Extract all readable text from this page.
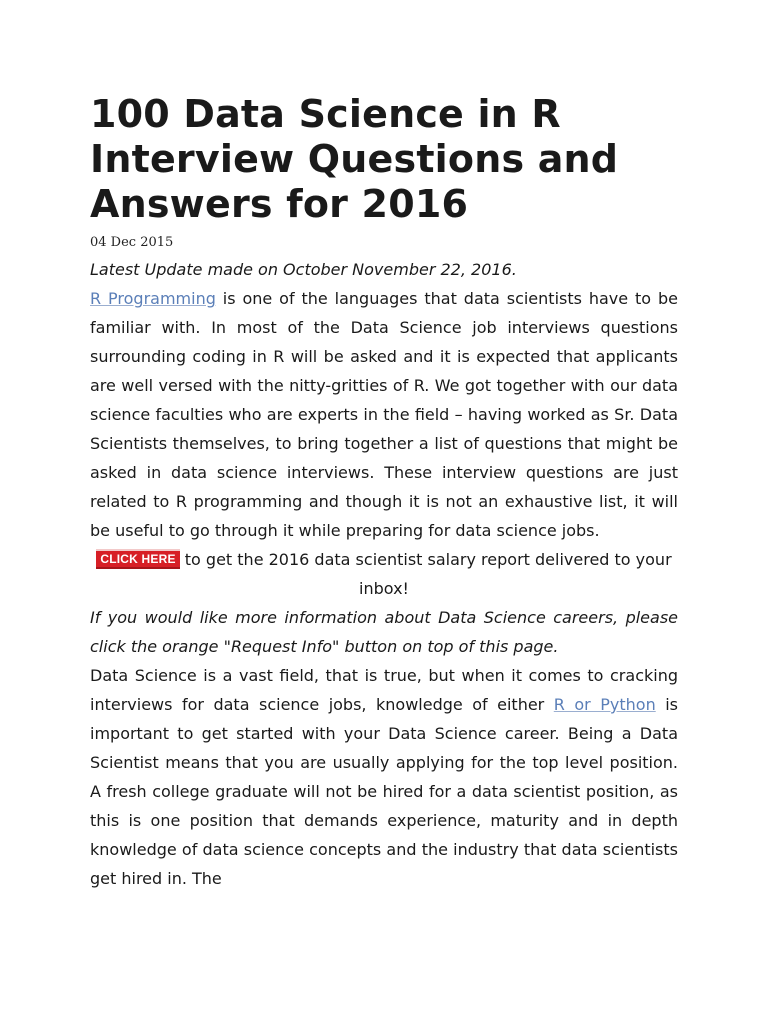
100 Data Science in R Interview Questions and Answers for 2016
04 Dec 2015

Latest Update made on October November 22, 2016.

R Programming is one of the languages that data scientists have to be familiar with. In most of the Data Science job interviews questions surrounding coding in R will be asked and it is expected that applicants are well versed with the nitty-gritties of R. We got together with our data science faculties who are experts in the field – having worked as Sr. Data Scientists themselves, to bring together a list of questions that might be asked in data science interviews. These interview questions are just related to R programming and though it is not an exhaustive list, it will be useful to go through it while preparing for data science jobs.

CLICK HERE to get the 2016 data scientist salary report delivered to your inbox!

If you would like more information about Data Science careers, please click the orange "Request Info" button on top of this page.

Data Science is a vast field, that is true, but when it comes to cracking interviews for data science jobs, knowledge of either R or Python is important to get started with your Data Science career. Being a Data Scientist means that you are usually applying for the top level position. A fresh college graduate will not be hired for a data scientist position, as this is one position that demands experience, maturity and in depth knowledge of data science concepts and the industry that data scientists get hired in. The
